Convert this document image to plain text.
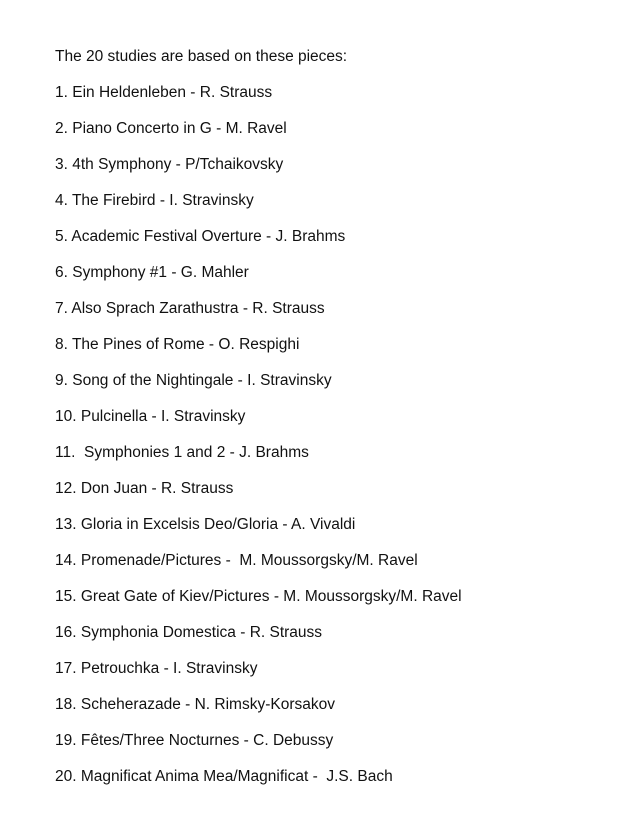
The 20 studies are based on these pieces:

1. Ein Heldenleben - R. Strauss
2. Piano Concerto in G - M. Ravel
3. 4th Symphony - P/Tchaikovsky
4. The Firebird - I. Stravinsky
5. Academic Festival Overture - J. Brahms
6. Symphony #1 - G. Mahler
7. Also Sprach Zarathustra - R. Strauss
8. The Pines of Rome - O. Respighi
9. Song of the Nightingale - I. Stravinsky
10. Pulcinella - I. Stravinsky
11.  Symphonies 1 and 2 - J. Brahms
12. Don Juan - R. Strauss
13. Gloria in Excelsis Deo/Gloria - A. Vivaldi
14. Promenade/Pictures -  M. Moussorgsky/M. Ravel
15. Great Gate of Kiev/Pictures - M. Moussorgsky/M. Ravel
16. Symphonia Domestica - R. Strauss
17. Petrouchka - I. Stravinsky
18. Scheherazade - N. Rimsky-Korsakov
19. Fêtes/Three Nocturnes - C. Debussy
20. Magnificat Anima Mea/Magnificat -  J.S. Bach
